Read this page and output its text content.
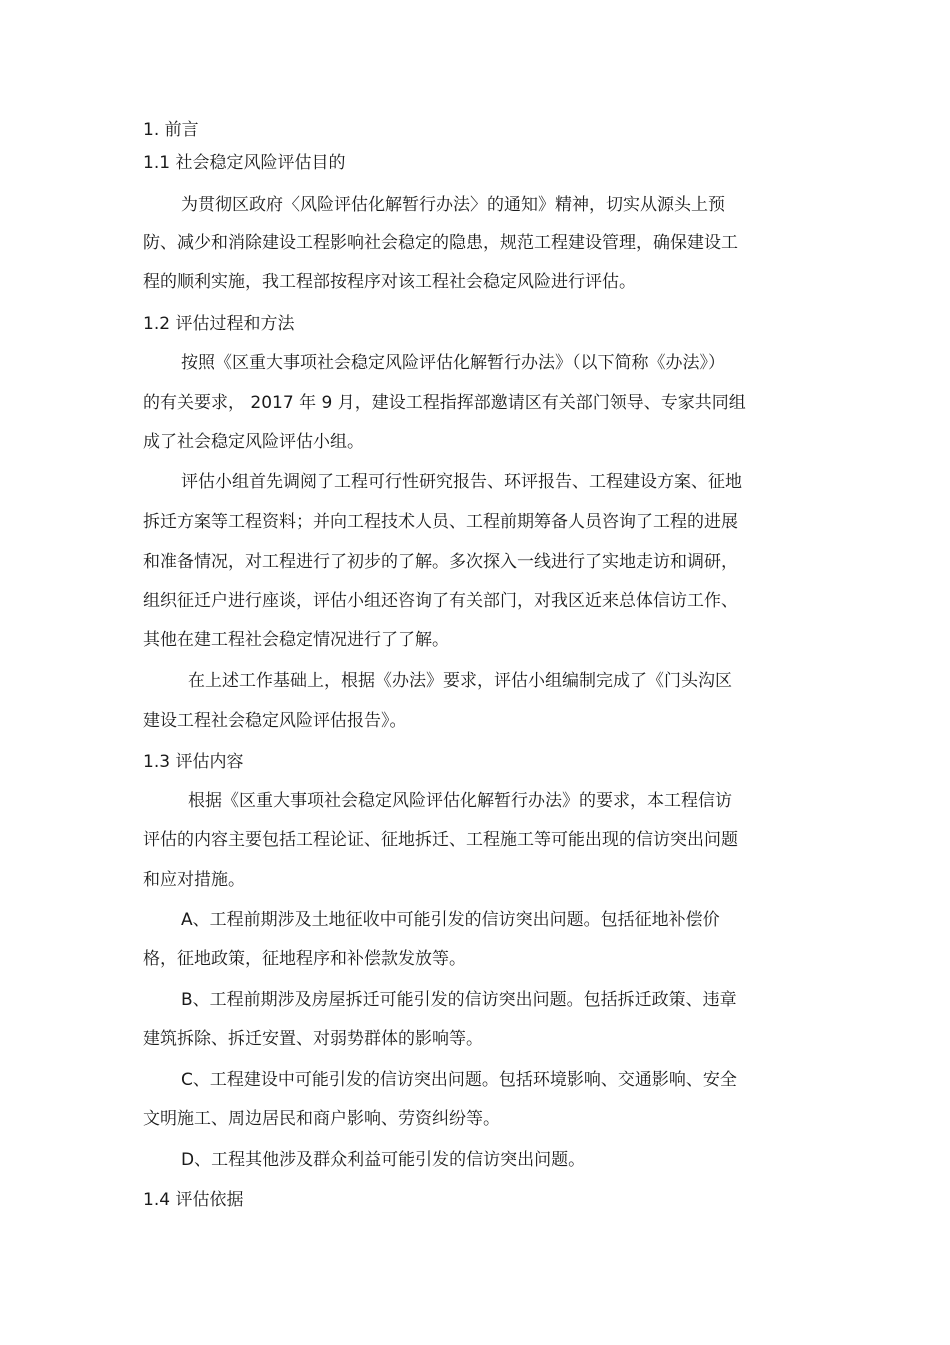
1. 前言
1.1 社会稳定风险评估目的
为贯彻区政府〈风险评估化解暂行办法〉的通知》精神，切实从源头上预
防、减少和消除建设工程影响社会稳定的隐患，规范工程建设管理，确保建设工
程的顺利实施，我工程部按程序对该工程社会稳定风险进行评估。
1.2 评估过程和方法
按照《区重大事项社会稳定风险评估化解暂行办法》（以下简称《办法》）
的有关要求， 2017 年 9 月，建设工程指挥部邀请区有关部门领导、专家共同组
成了社会稳定风险评估小组。
评估小组首先调阅了工程可行性研究报告、环评报告、工程建设方案、征地
拆迁方案等工程资料；并向工程技术人员、工程前期筹备人员咨询了工程的进展
和准备情况，对工程进行了初步的了解。多次探入一线进行了实地走访和调研，
组织征迁户进行座谈，评估小组还咨询了有关部门，对我区近来总体信访工作、
其他在建工程社会稳定情况进行了了解。
在上述工作基础上，根据《办法》要求，评估小组编制完成了《门头沟区
建设工程社会稳定风险评估报告》。
1.3 评估内容
根据《区重大事项社会稳定风险评估化解暂行办法》的要求，本工程信访
评估的内容主要包括工程论证、征地拆迁、工程施工等可能出现的信访突出问题
和应对措施。
A、工程前期涉及土地征收中可能引发的信访突出问题。包括征地补偿价
格，征地政策，征地程序和补偿款发放等。
B、工程前期涉及房屋拆迁可能引发的信访突出问题。包括拆迁政策、违章
建筑拆除、拆迁安置、对弱势群体的影响等。
C、工程建设中可能引发的信访突出问题。包括环境影响、交通影响、安全
文明施工、周边居民和商户影响、劳资纠纷等。
D、工程其他涉及群众利益可能引发的信访突出问题。
1.4 评估依据
